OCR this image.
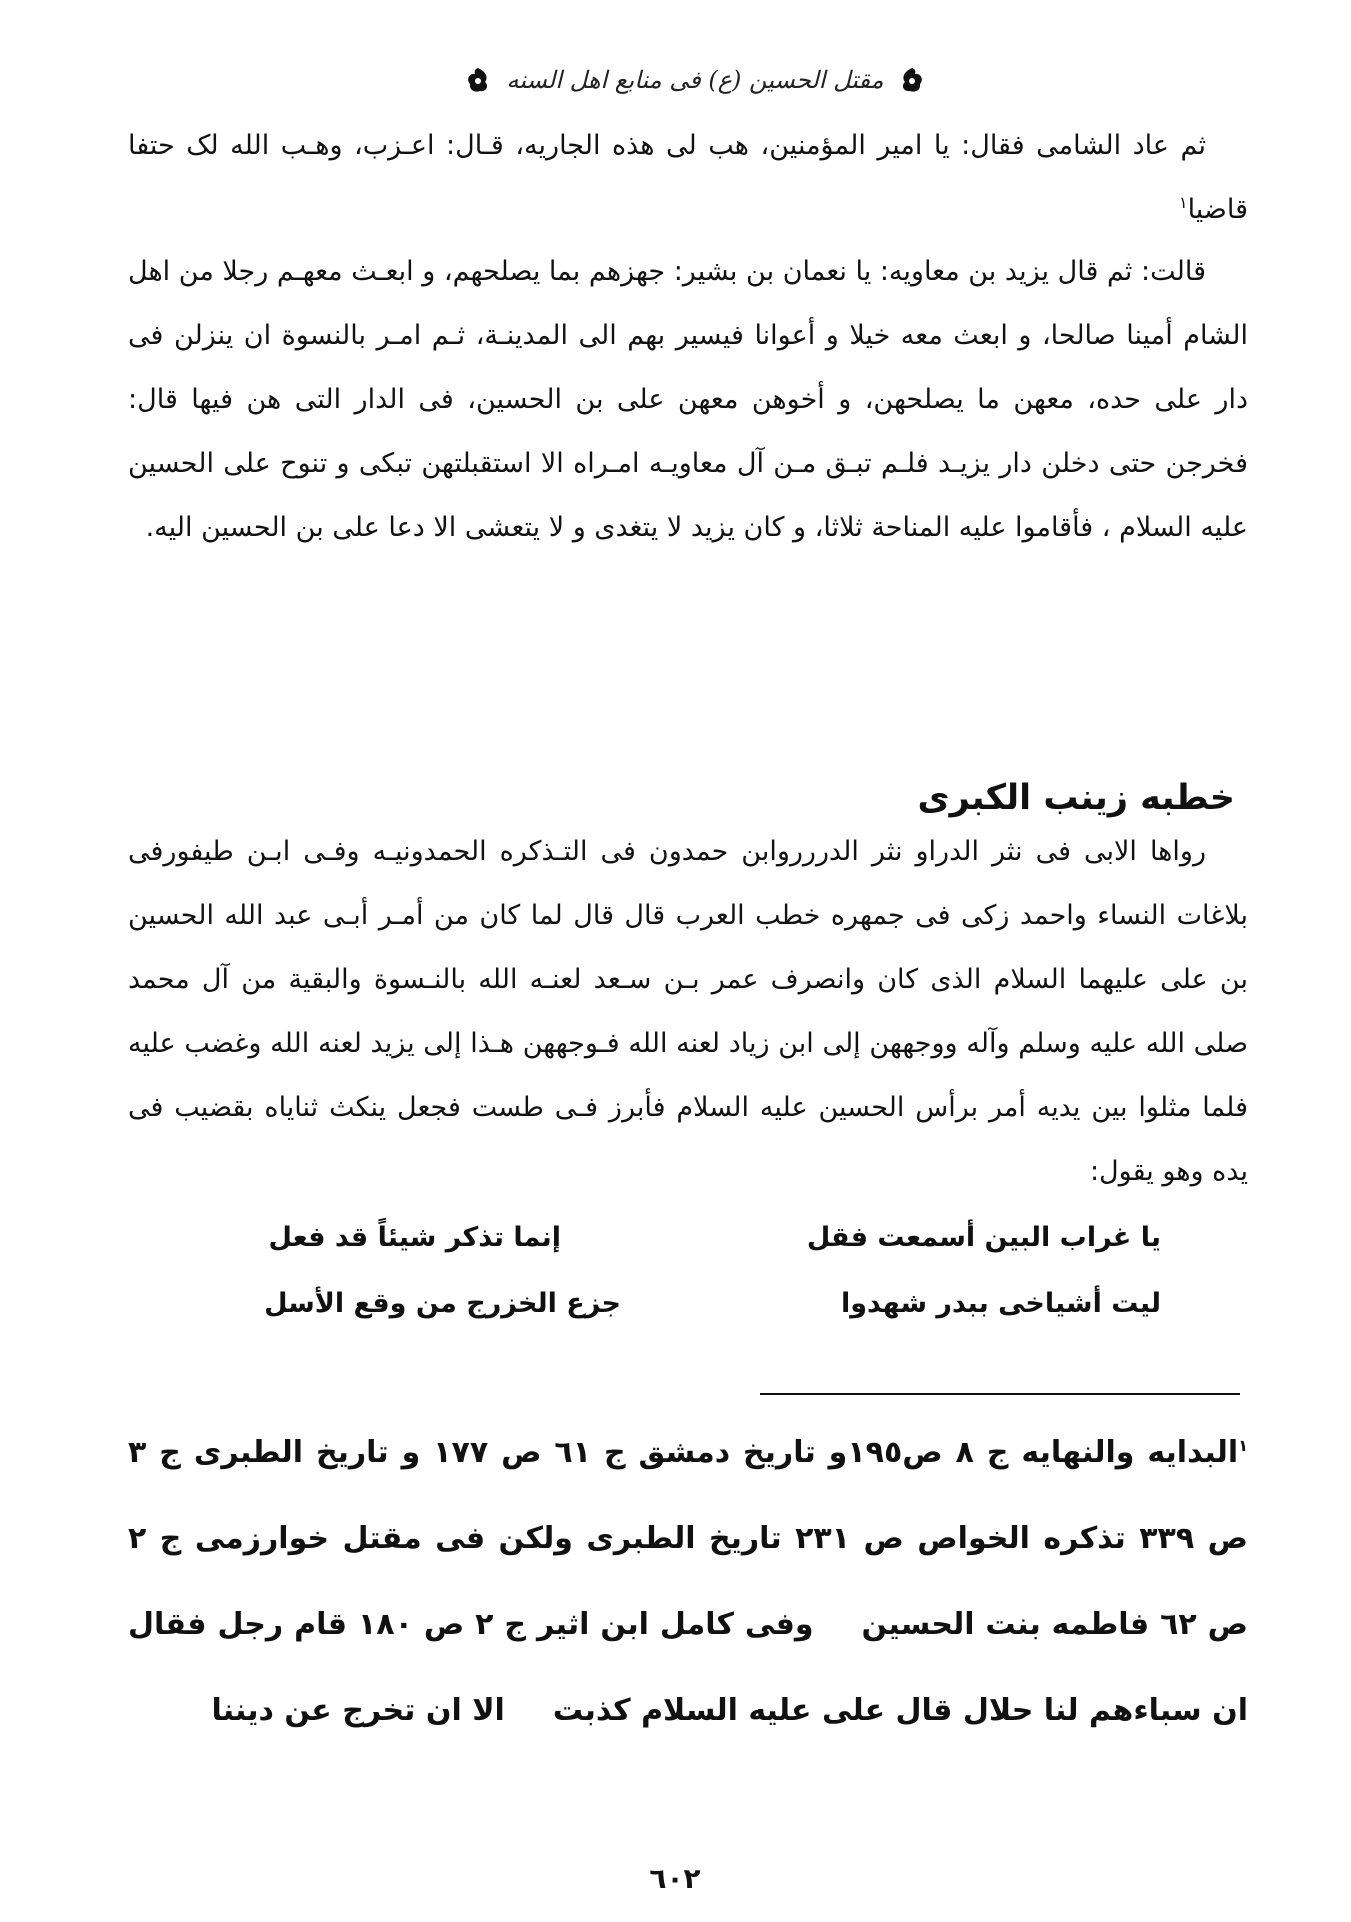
مقتل الحسين (ع) فی منابع اهل السنه

ثم عاد الشامی فقال: یا امیر المؤمنین، هب لی هذه الجاریه، قـال: اعـزب، وهـب الله لک حتفا قاضیا$^١$

قالت: ثم قال یزید بن معاویه: یا نعمان بن بشیر: جهزهم بما یصلحهم، و ابعـث معهـم رجلا من اهل الشام أمینا صالحا، و ابعث معه خیلا و أعوانا فیسیر بهم الی المدینـة، ثـم امـر بالنسوة ان ینزلن فی دار علی حده، معهن ما یصلحهن، و أخوهن معهن علی بن الحسین، فی الدار التی هن فیها قال: فخرجن حتی دخلن دار یزیـد فلـم تبـق مـن آل معاویـه امـراه الا استقبلتهن تبکی و تنوح علی الحسین علیه السلام ، فأقاموا علیه المناحة ثلاثا، و کان یزید لا یتغدی و لا یتعشی الا دعا علی بن الحسین الیه.

خطبه زینب الکبری

رواها الابی فی نثر الدراو نثر الدررروابن حمدون فی التـذکره الحمدونیـه وفـی ابـن طیفورفی بلاغات النساء واحمد زکی فی جمهره خطب العرب قال قال لما کان من أمـر أبـی عبد الله الحسین بن علی علیهما السلام الذی کان وانصرف عمر بـن سـعد لعنـه الله بالنـسوة والبقیة من آل محمد صلی الله علیه وسلم وآله ووجههن إلی ابن زیاد لعنه الله فـوجههن هـذا إلی یزید لعنه الله وغضب علیه فلما مثلوا بین یدیه أمر برأس الحسین علیه السلام فأبرز فـی طست فجعل ینکث ثنایاه بقضیب فی یده وهو یقول:

یا غراب البین أسمعت فقل
إنما تذکر شیئاً قد فعل
لیت أشیاخی ببدر شهدوا
جزع الخزرج من وقع الأسل
$^١$البدایه والنهایه ج ٨ ص١٩٥و تاریخ دمشق ج ٦١ ص ١٧٧ و تاریخ الطبری ج ٣ ص ٣٣٩ تذکره الخواص ص ٢٣١ تاریخ الطبری ولکن فی مقتل خوارزمی ج ٢ ص ٦٢ فاطمه بنت الحسینوفی کامل ابن اثیر ج ٢ ص ١٨٠ قام رجل فقال ان سباءهم لنا حلال قال علی علیه السلام کذبتالا ان تخرج عن دیننا
٦٠٢
